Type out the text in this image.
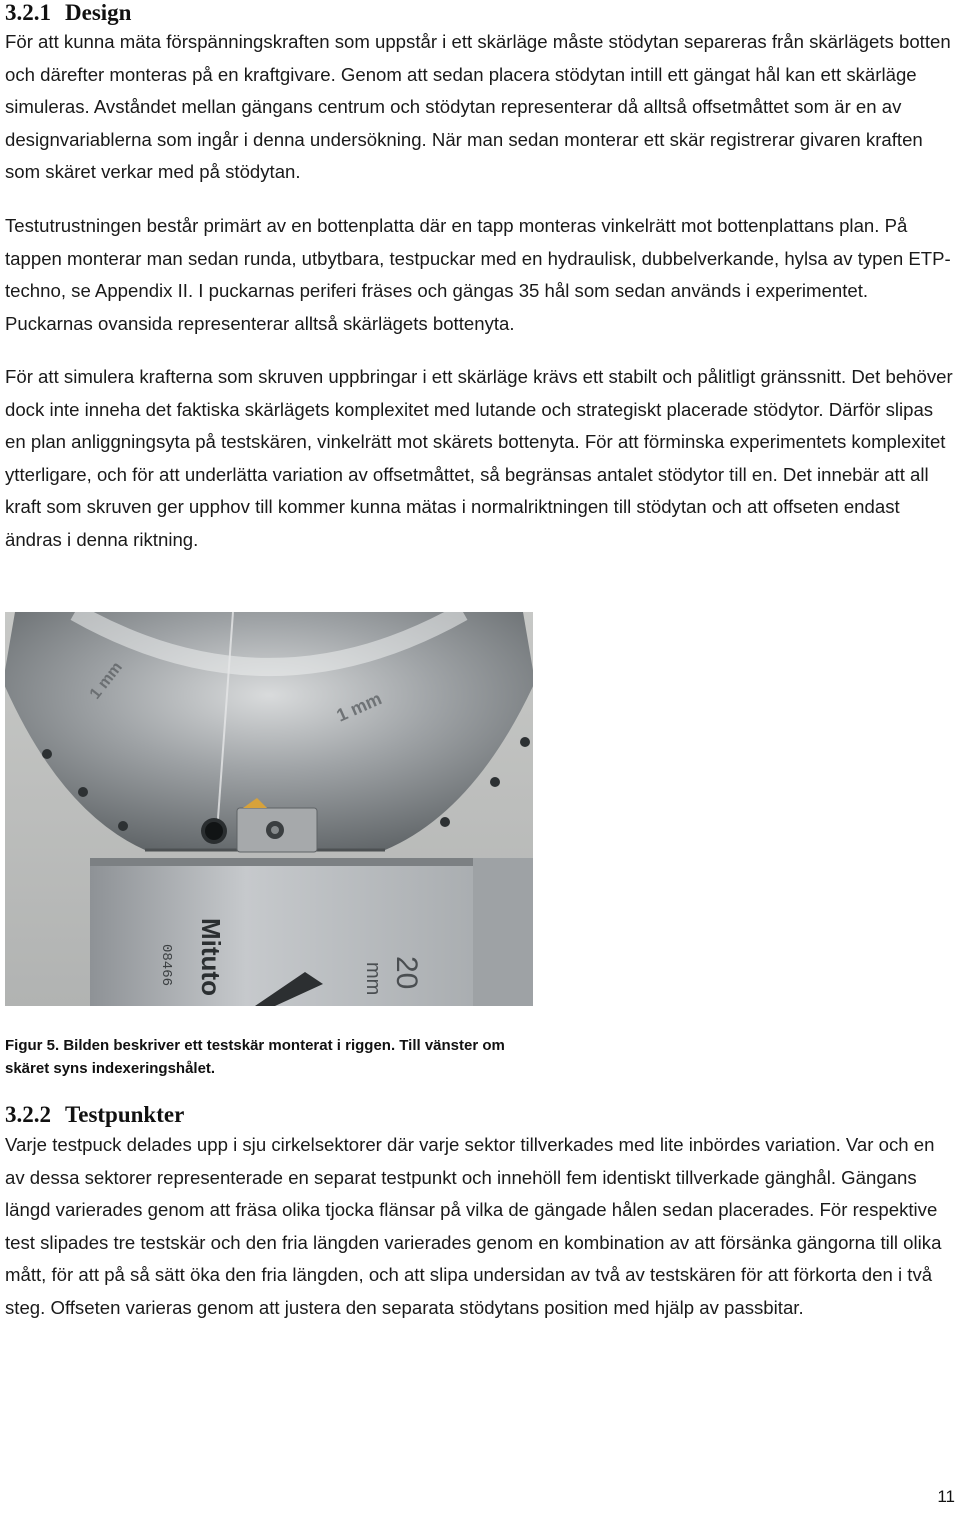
3.2.1 Design

För att kunna mäta förspänningskraften som uppstår i ett skärläge måste stödytan separeras från skärlägets botten och därefter monteras på en kraftgivare. Genom att sedan placera stödytan intill ett gängat hål kan ett skärläge simuleras. Avståndet mellan gängans centrum och stödytan representerar då alltså offsetmåttet som är en av designvariablerna som ingår i denna undersökning. När man sedan monterar ett skär registrerar givaren kraften som skäret verkar med på stödytan.

Testutrustningen består primärt av en bottenplatta där en tapp monteras vinkelrätt mot bottenplattans plan. På tappen monterar man sedan runda, utbytbara, testpuckar med en hydraulisk, dubbelverkande, hylsa av typen ETP-techno, se Appendix II. I puckarnas periferi fräses och gängas 35 hål som sedan används i experimentet. Puckarnas ovansida representerar alltså skärlägets bottenyta.

För att simulera krafterna som skruven uppbringar i ett skärläge krävs ett stabilt och pålitligt gränssnitt. Det behöver dock inte inneha det faktiska skärlägets komplexitet med lutande och strategiskt placerade stödytor. Därför slipas en plan anliggningsyta på testskären, vinkelrätt mot skärets bottenyta. För att förminska experimentets komplexitet ytterligare, och för att underlätta variation av offsetmåttet, så begränsas antalet stödytor till en. Det innebär att all kraft som skruven ger upphov till kommer kunna mätas i normalriktningen till stödytan och att offseten endast ändras i denna riktning.

1 mm
1 mm
Mituto
08466	20
mm

Figur 5. Bilden beskriver ett testskär monterat i riggen. Till vänster om skäret syns indexeringshålet.

3.2.2 Testpunkter

Varje testpuck delades upp i sju cirkelsektorer där varje sektor tillverkades med lite inbördes variation. Var och en av dessa sektorer representerade en separat testpunkt och innehöll fem identiskt tillverkade gänghål. Gängans längd varierades genom att fräsa olika tjocka flänsar på vilka de gängade hålen sedan placerades. För respektive test slipades tre testskär och den fria längden varierades genom en kombination av att försänka gängorna till olika mått, för att på så sätt öka den fria längden, och att slipa undersidan av två av testskären för att förkorta den i två steg. Offseten varieras genom att justera den separata stödytans position med hjälp av passbitar.

11
